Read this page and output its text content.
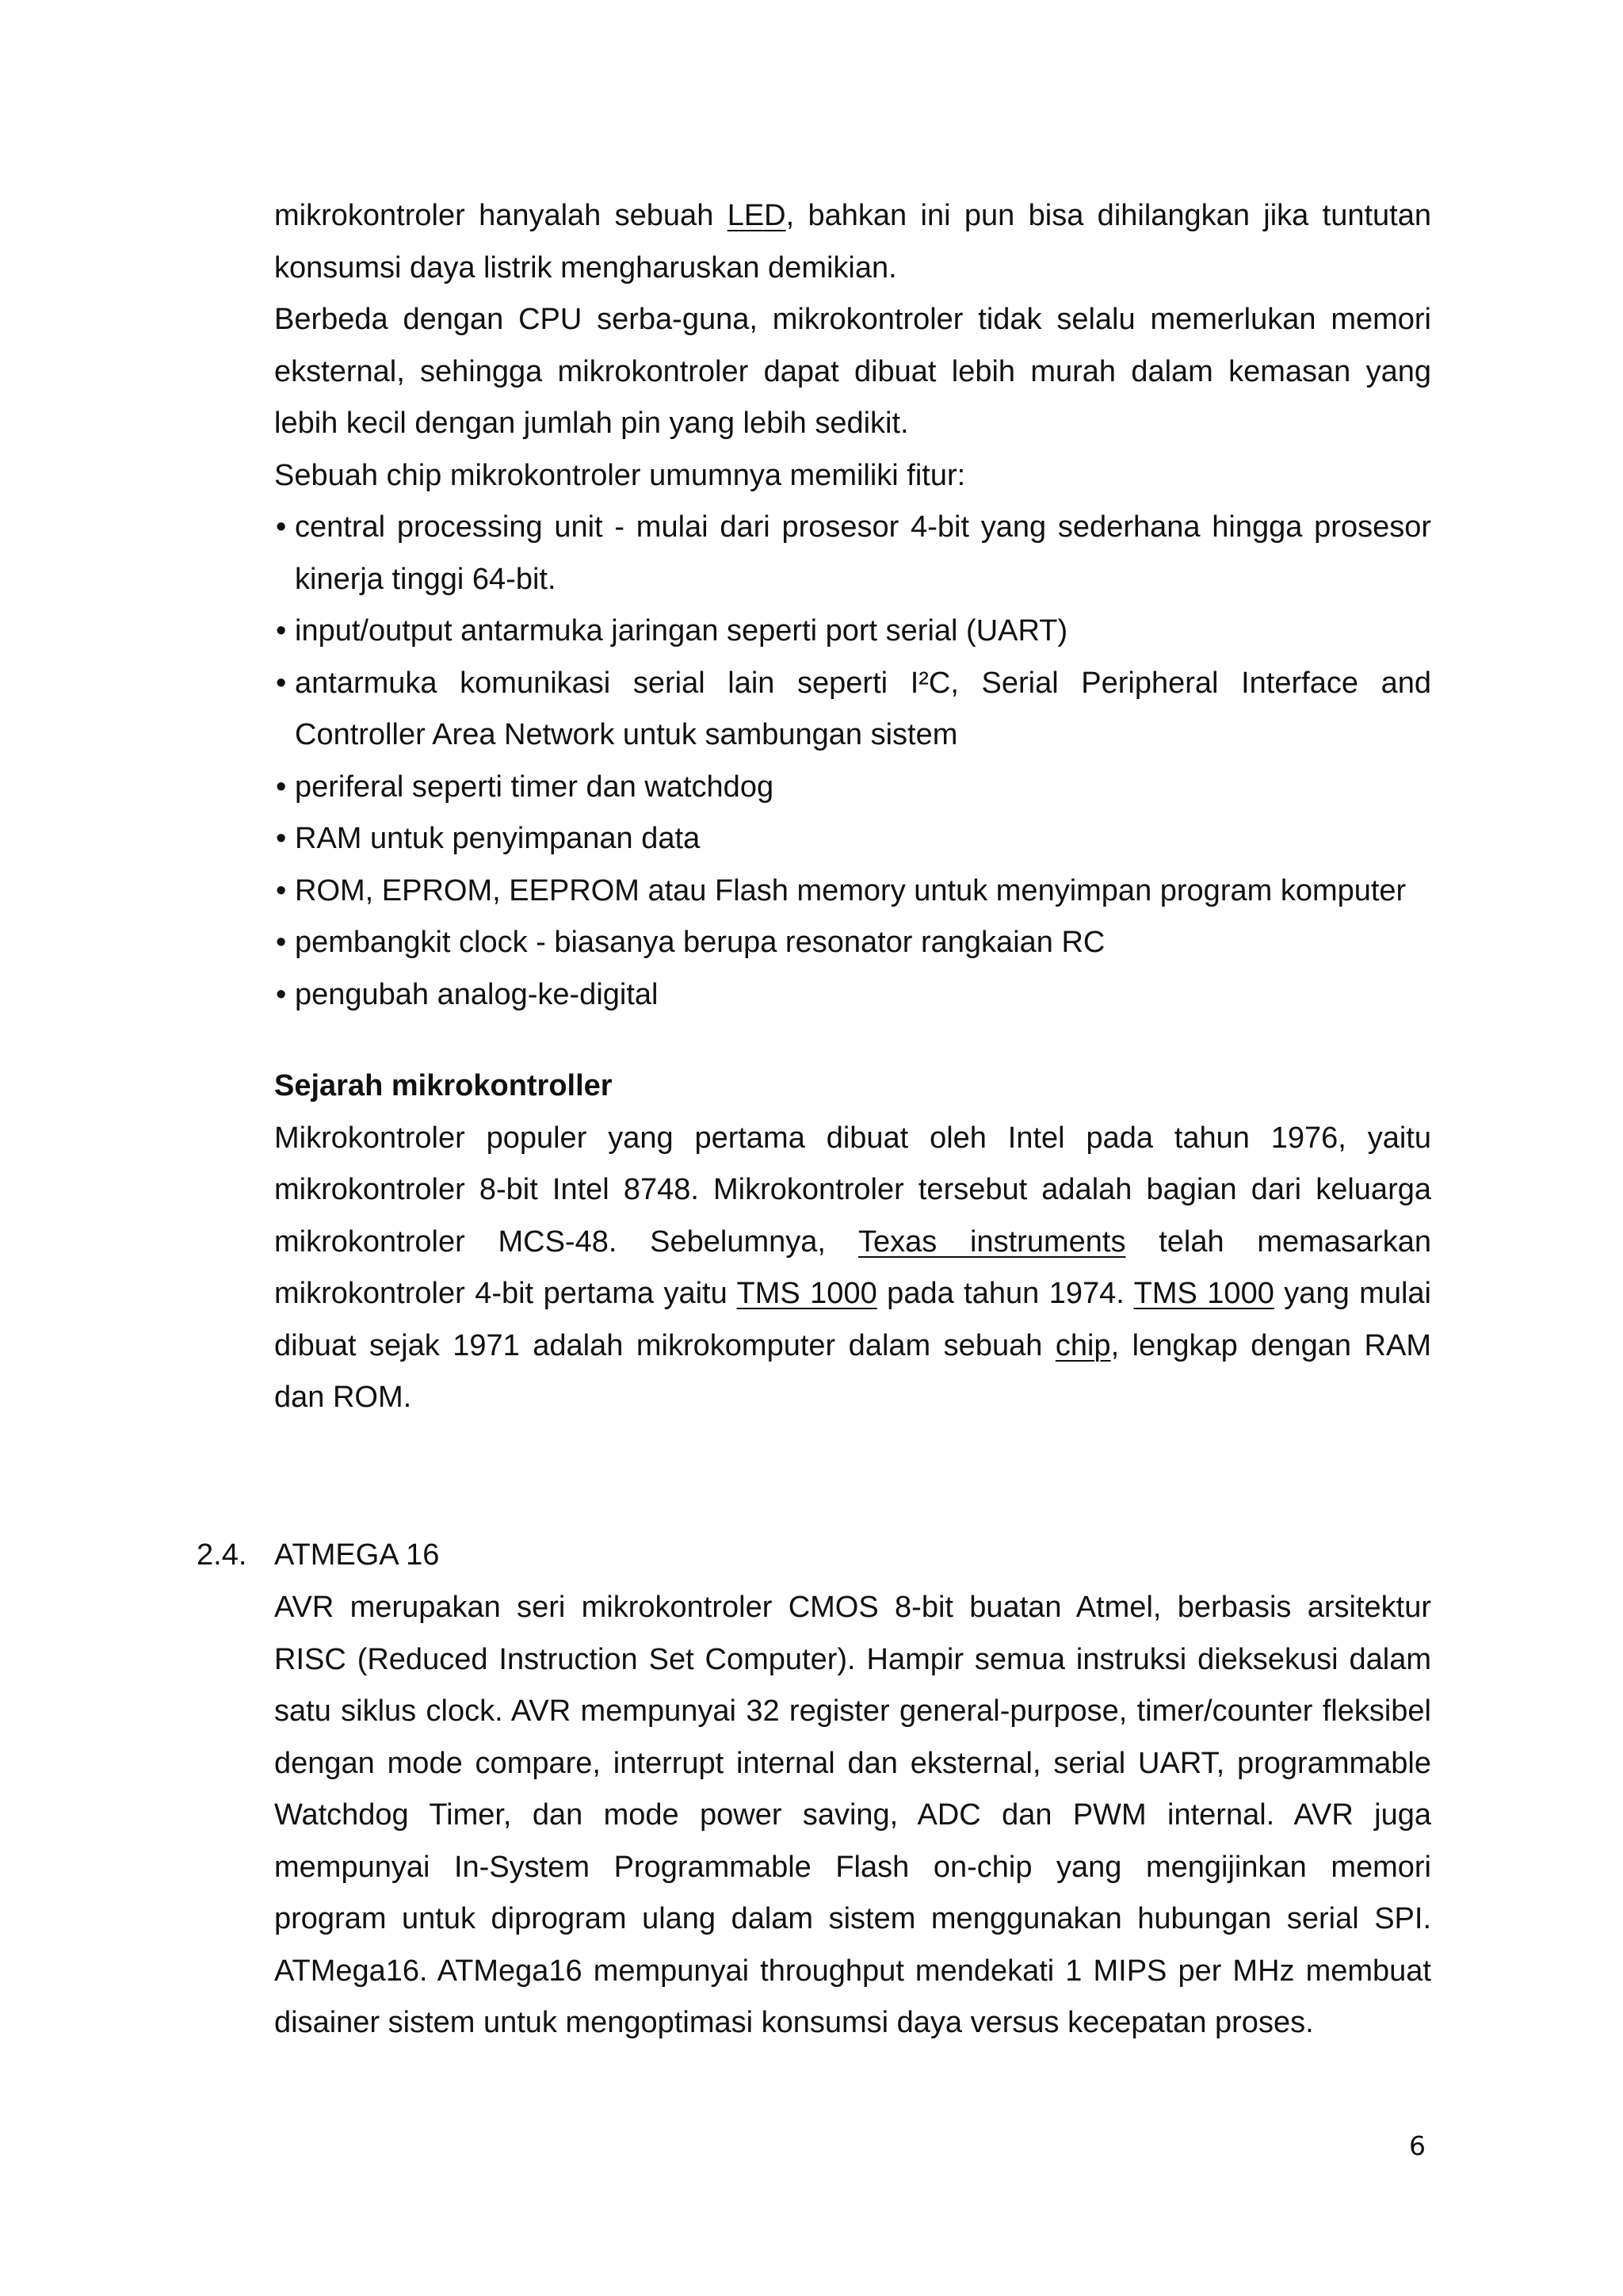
mikrokontroler hanyalah sebuah LED, bahkan ini pun bisa dihilangkan jika tuntutan konsumsi daya listrik mengharuskan demikian.

Berbeda dengan CPU serba-guna, mikrokontroler tidak selalu memerlukan memori eksternal, sehingga mikrokontroler dapat dibuat lebih murah dalam kemasan yang lebih kecil dengan jumlah pin yang lebih sedikit.

Sebuah chip mikrokontroler umumnya memiliki fitur:

• central processing unit - mulai dari prosesor 4-bit yang sederhana hingga prosesor kinerja tinggi 64-bit.
• input/output antarmuka jaringan seperti port serial (UART)
• antarmuka komunikasi serial lain seperti I²C, Serial Peripheral Interface and Controller Area Network untuk sambungan sistem
• periferal seperti timer dan watchdog
• RAM untuk penyimpanan data
• ROM, EPROM, EEPROM atau Flash memory untuk menyimpan program komputer
• pembangkit clock - biasanya berupa resonator rangkaian RC
• pengubah analog-ke-digital

Sejarah mikrokontroller

Mikrokontroler populer yang pertama dibuat oleh Intel pada tahun 1976, yaitu mikrokontroler 8-bit Intel 8748. Mikrokontroler tersebut adalah bagian dari keluarga mikrokontroler MCS-48. Sebelumnya, Texas instruments telah memasarkan mikrokontroler 4-bit pertama yaitu TMS 1000 pada tahun 1974. TMS 1000 yang mulai dibuat sejak 1971 adalah mikrokomputer dalam sebuah chip, lengkap dengan RAM dan ROM.

2.4. ATMEGA 16

AVR merupakan seri mikrokontroler CMOS 8-bit buatan Atmel, berbasis arsitektur RISC (Reduced Instruction Set Computer). Hampir semua instruksi dieksekusi dalam satu siklus clock. AVR mempunyai 32 register general-purpose, timer/counter fleksibel dengan mode compare, interrupt internal dan eksternal, serial UART, programmable Watchdog Timer, dan mode power saving, ADC dan PWM internal. AVR juga mempunyai In-System Programmable Flash on-chip yang mengijinkan memori program untuk diprogram ulang dalam sistem menggunakan hubungan serial SPI. ATMega16. ATMega16 mempunyai throughput mendekati 1 MIPS per MHz membuat disainer sistem untuk mengoptimasi konsumsi daya versus kecepatan proses.

6
